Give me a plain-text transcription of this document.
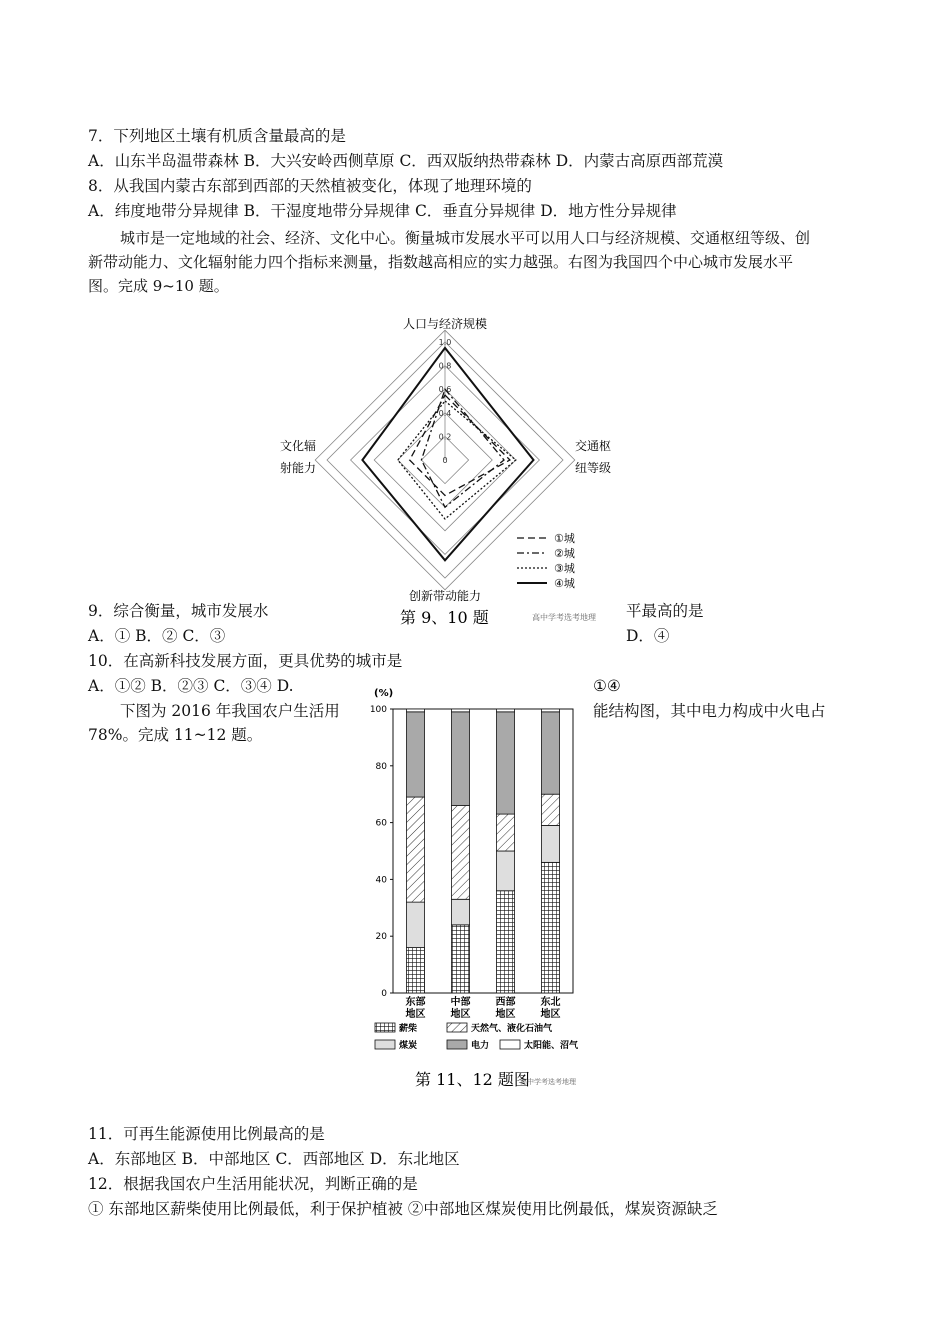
7．下列地区土壤有机质含量最高的是
A．山东半岛温带森林 B．大兴安岭西侧草原 C．西双版纳热带森林 D．内蒙古高原西部荒漠
8．从我国内蒙古东部到西部的天然植被变化，体现了地理环境的
A．纬度地带分异规律 B．干湿度地带分异规律 C．垂直分异规律 D．地方性分异规律
城市是一定地域的社会、经济、文化中心。衡量城市发展水平可以用人口与经济规模、交通枢纽等级、创
新带动能力、文化辐射能力四个指标来测量，指数越高相应的实力越强。右图为我国四个中心城市发展水平
图。完成 9~10 题。
0
0.2
0.4
0.6
0.8
1.0
人口与经济规模
交通枢
纽等级
文化辐
射能力
创新带动能力
①城
②城
③城
④城
第 9、10 题	高中学考选考地理
9．综合衡量，城市发展水	平最高的是
A．① B．② C．③	D．④
10．在高新科技发展方面，更具优势的城市是
A．①② B．②③ C．③④ D.	①④
下图为 2016 年我国农户生活用	能结构图，其中电力构成中火电占
78%。完成 11~12 题。
(%)
0
20
40
60
80
100
东部
地区
中部
地区
西部
地区
东北
地区
薪柴	天然气、液化石油气
煤炭	电力	太阳能、沼气
第 11、12 题图
高中学考选考地理
11．可再生能源使用比例最高的是
A．东部地区 B．中部地区 C．西部地区 D．东北地区
12．根据我国农户生活用能状况，判断正确的是
① 东部地区薪柴使用比例最低，利于保护植被 ②中部地区煤炭使用比例最低，煤炭资源缺乏
